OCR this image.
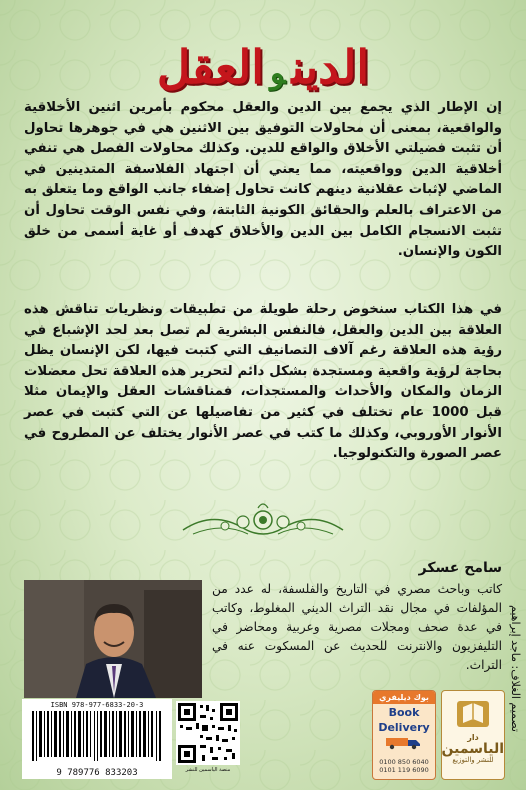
الدينوالعقل
إن الإطار الذي يجمع بين الدين والعقل محكوم بأمرين اثنين الأخلاقية والواقعية، بمعنى أن محاولات التوفيق بين الاثنين هي في جوهرها تحاول أن تثبت فضيلتي الأخلاق والواقع للدين. وكذلك محاولات الفصل هي تنفي أخلاقية الدين وواقعيته، مما يعني أن اجتهاد الفلاسفة المتدينين في الماضي لإثبات عقلانية دينهم كانت تحاول إضفاء جانب الواقع وما يتعلق به من الاعتراف بالعلم والحقائق الكونية الثابتة، وفي نفس الوقت تحاول أن تثبت الانسجام الكامل بين الدين والأخلاق كهدف أو غاية أسمى من خلق الكون والإنسان.
في هذا الكتاب سنخوض رحلة طويلة من تطبيقات ونظريات تناقش هذه العلاقة بين الدين والعقل، فالنفس البشرية لم تصل بعد لحد الإشباع في رؤية هذه العلاقة رغم آلاف التصانيف التي كتبت فيها، لكن الإنسان يظل بحاجة لرؤية واقعية ومستجدة بشكل دائم لتحرير هذه العلاقة تحل معضلات الزمان والمكان والأحداث والمستجدات، فمناقشات العقل والإيمان مثلا قبل 1000 عام تختلف في كثير من تفاصيلها عن التي كتبت في عصر الأنوار الأوروبي، وكذلك ما كتب في عصر الأنوار يختلف عن المطروح في عصر الصورة والتكنولوجيا.
سامح عسكر
كاتب وباحث مصري في التاريخ والفلسفة، له عدد من المؤلفات في مجال نقد التراث الديني المغلوط، وكاتب في عدة صحف ومجلات مصرية وعربية ومحاضر في التليفزيون والانترنت للحديث عن المسكوت عنه في التراث. تصميم الغلاف: ماجد إبراهيم
ISBN 978-977-6833-20-3
9 789776 833203	منصة الياسمين للنشر
بوك ديليفري
Book
Delivery
0100 850 6040
0101 119 6090
دار
الياسمين
للنشر والتوزيع
